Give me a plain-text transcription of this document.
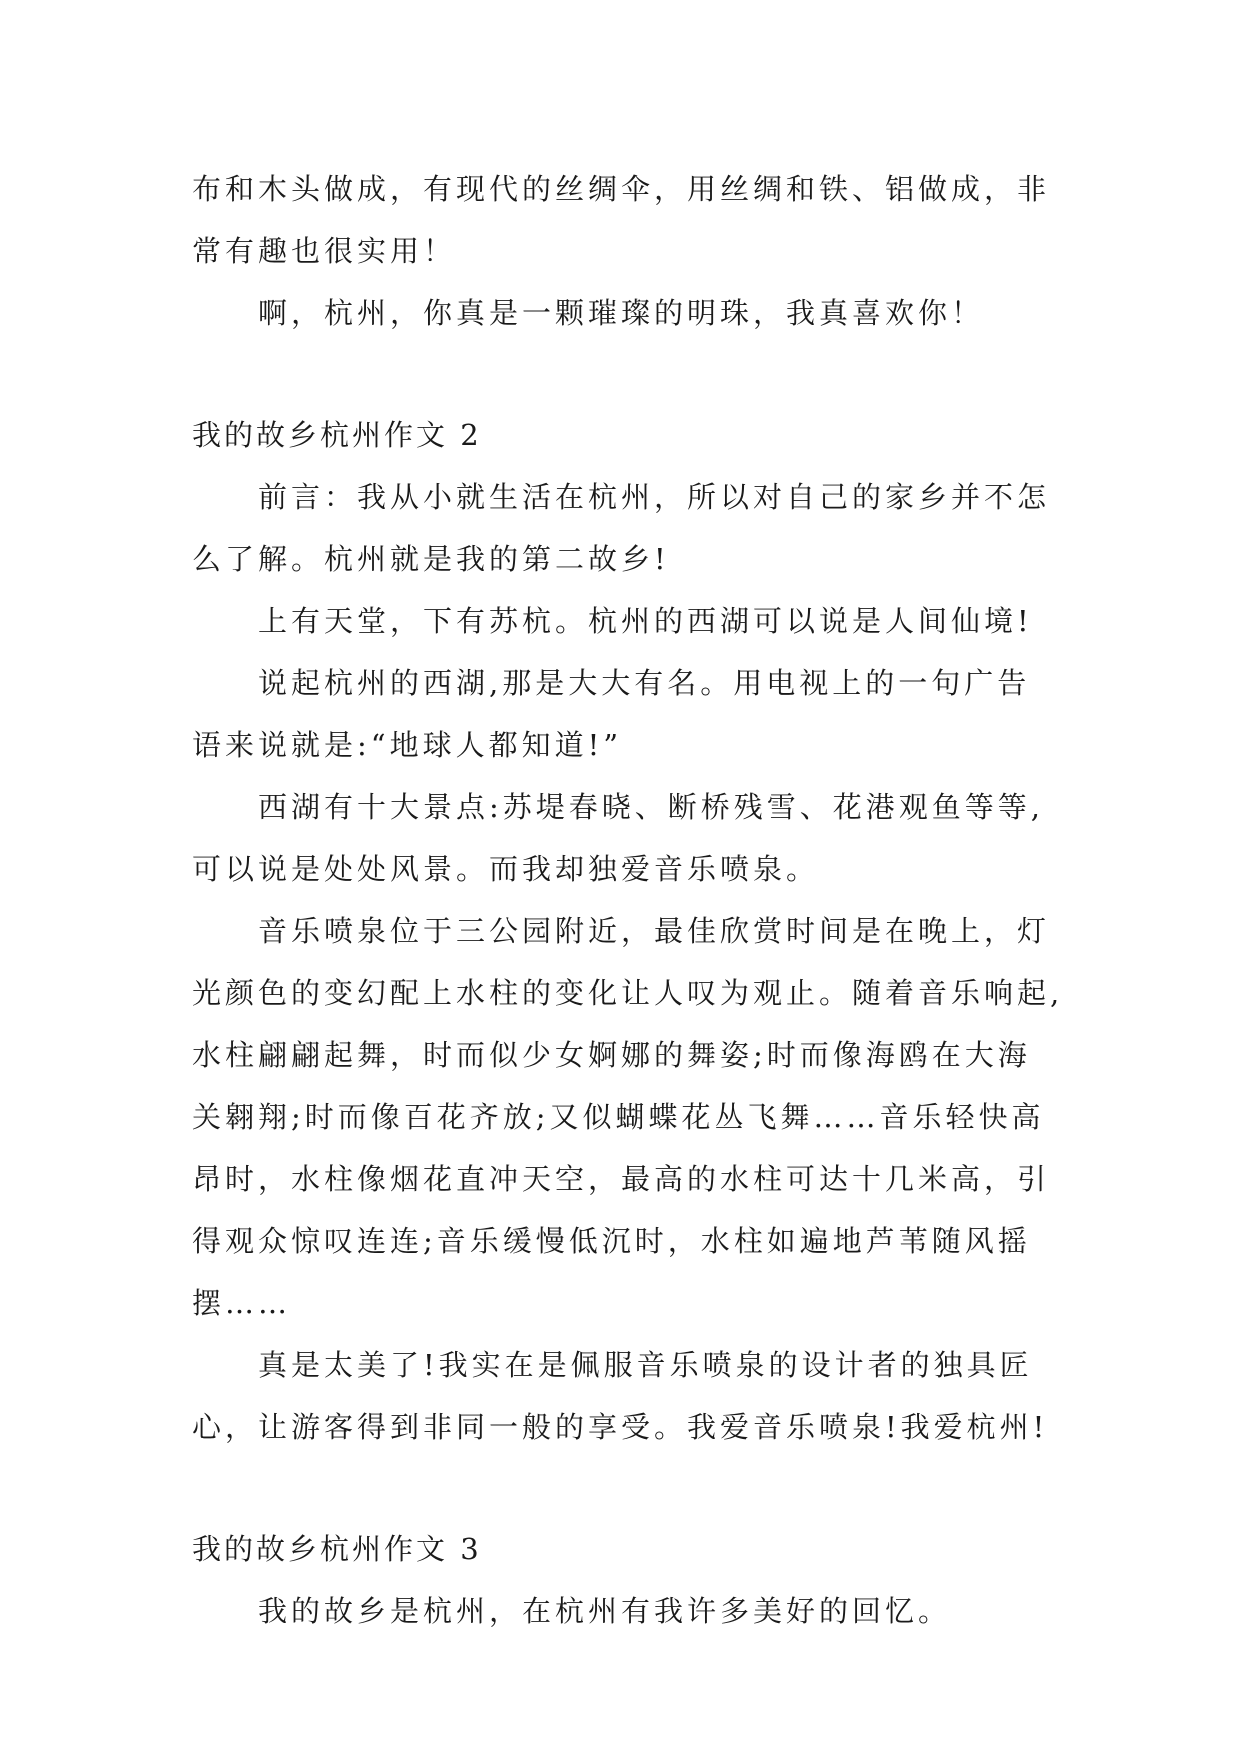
布和木头做成，有现代的丝绸伞，用丝绸和铁、铝做成，非
常有趣也很实用！
啊，杭州，你真是一颗璀璨的明珠，我真喜欢你！
我的故乡杭州作文 2
前言：我从小就生活在杭州，所以对自己的家乡并不怎
么了解。杭州就是我的第二故乡!
上有天堂，下有苏杭。杭州的西湖可以说是人间仙境!
说起杭州的西湖,那是大大有名。用电视上的一句广告
语来说就是:“地球人都知道!”
西湖有十大景点:苏堤春晓、断桥残雪、花港观鱼等等,
可以说是处处风景。而我却独爱音乐喷泉。
音乐喷泉位于三公园附近，最佳欣赏时间是在晚上，灯
光颜色的变幻配上水柱的变化让人叹为观止。随着音乐响起,
水柱翩翩起舞，时而似少女婀娜的舞姿;时而像海鸥在大海
关翱翔;时而像百花齐放;又似蝴蝶花丛飞舞……音乐轻快高
昂时，水柱像烟花直冲天空，最高的水柱可达十几米高，引
得观众惊叹连连;音乐缓慢低沉时，水柱如遍地芦苇随风摇
摆……
真是太美了!我实在是佩服音乐喷泉的设计者的独具匠
心，让游客得到非同一般的享受。我爱音乐喷泉!我爱杭州!
我的故乡杭州作文 3
我的故乡是杭州，在杭州有我许多美好的回忆。
